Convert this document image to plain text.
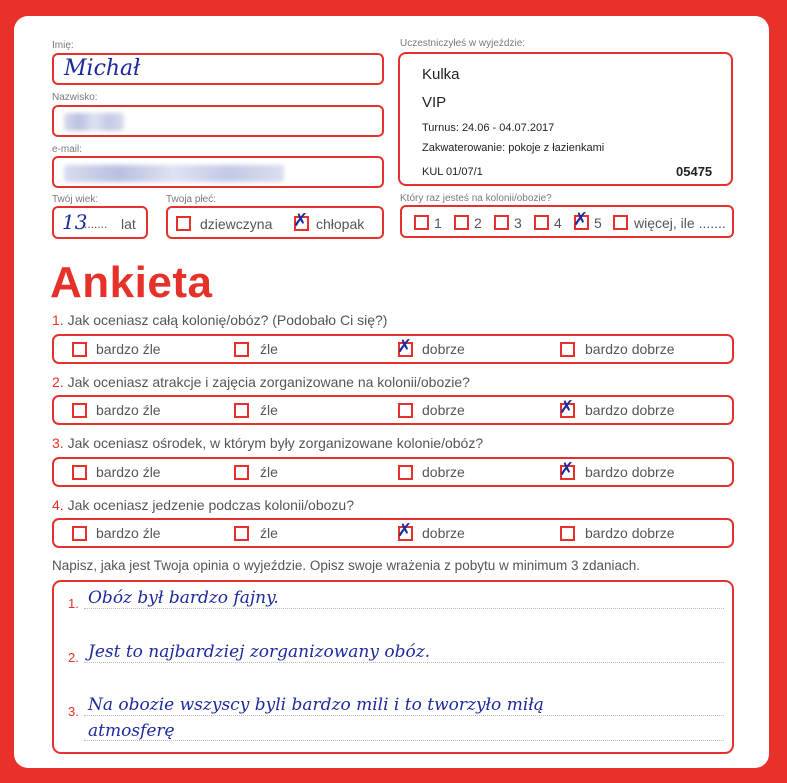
Imię:
Michał
Nazwisko:
e-mail:
Twój wiek:
13
....... lat
Twoja płeć:
dziewczyna ✗ chłopak
Uczestniczyłeś w wyjeździe:
Kulka
VIP
Turnus: 24.06 - 04.07.2017
Zakwaterowanie: pokoje z łazienkami
KUL 01/07/1	05475
Który raz jesteś na kolonii/obozie?
1 2 3 4 ✗ 5 więcej, ile .......
Ankieta
1. Jak oceniasz całą kolonię/obóz? (Podobało Ci się?)
bardzo źle	źle	✗ dobrze	bardzo dobrze
2. Jak oceniasz atrakcje i zajęcia zorganizowane na kolonii/obozie?
bardzo źle	źle	dobrze	✗ bardzo dobrze
3. Jak oceniasz ośrodek, w którym były zorganizowane kolonie/obóz?
bardzo źle	źle	dobrze	✗ bardzo dobrze
4. Jak oceniasz jedzenie podczas kolonii/obozu?
bardzo źle	źle	✗ dobrze	bardzo dobrze
Napisz, jaka jest Twoja opinia o wyjeździe. Opisz swoje wrażenia z pobytu w minimum 3 zdaniach.
1. Obóz był bardzo fajny.
2. Jest to najbardziej zorganizowany obóz.
3. Na obozie wszyscy byli bardzo mili i to tworzyło miłą
atmosferę
